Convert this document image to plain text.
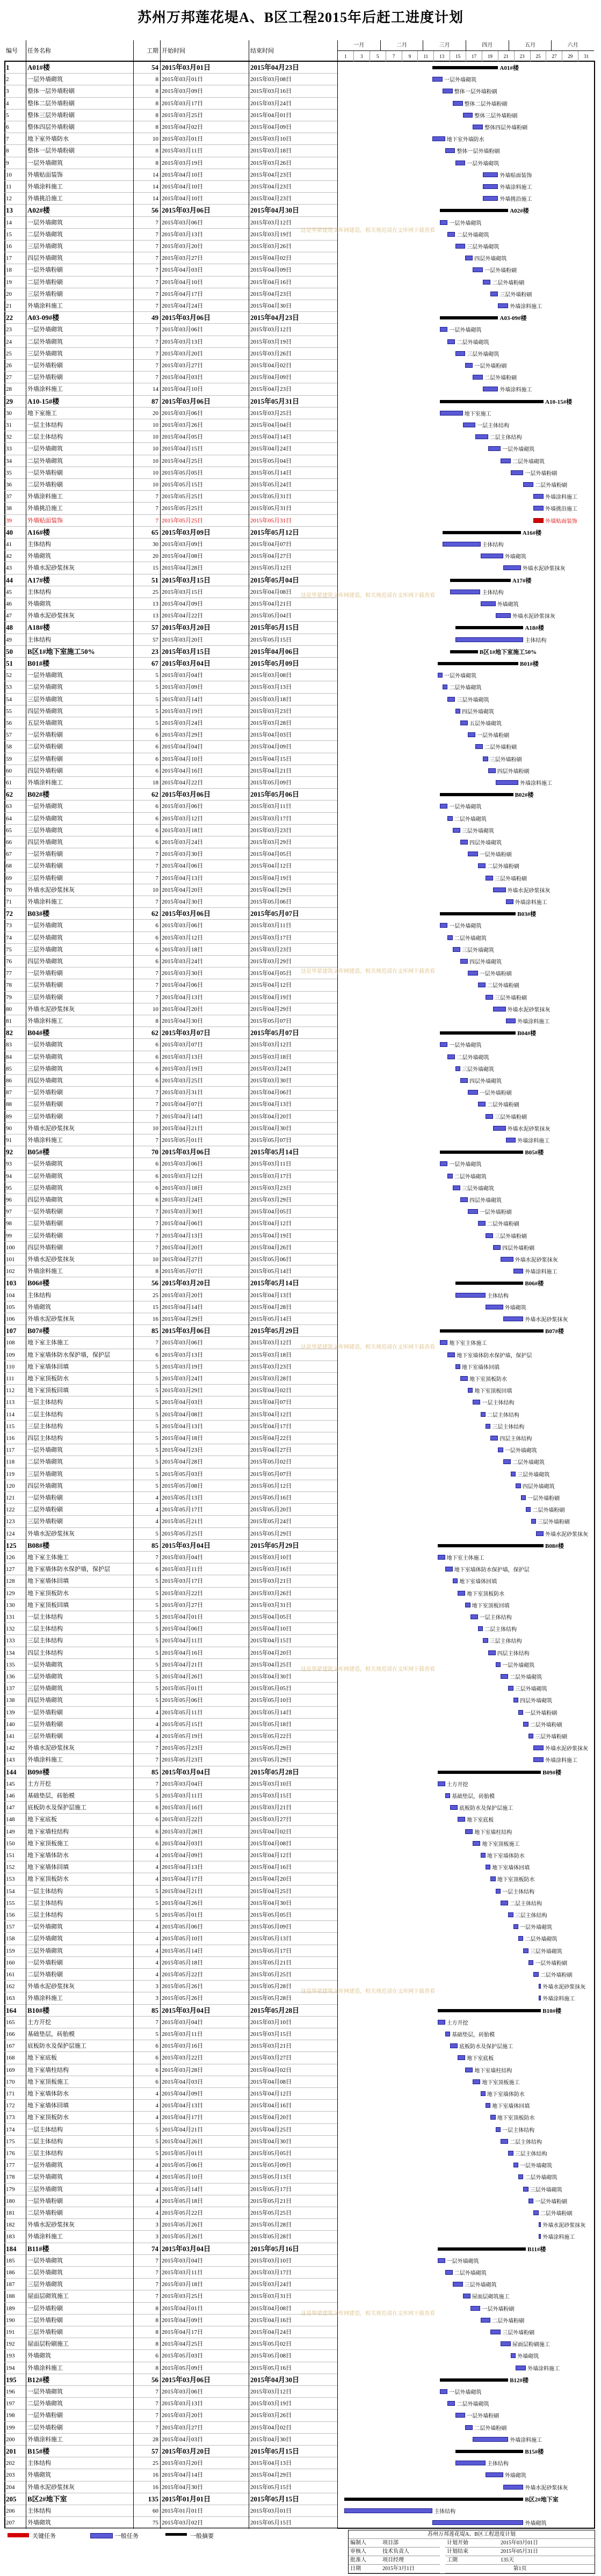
苏州万邦莲花堤A、B区工程2015年后赶工进度计划
编号	任务名称	工期 开始时间	结束时间
一月	二月	三月	四月	五月	六月
1	3	5	7	9	11	13	15	17	19	21	23	25	27	29	31
1	A01#楼	54 2015年03月01日	2015年04月23日
2	一层外墙砌筑	8 2015年03月01日	2015年03月08日
3	整体一层外墙粉刷	8 2015年03月09日	2015年03月16日
4	整体二层外墙粉刷	8 2015年03月17日	2015年03月24日
5	整体三层外墙粉刷	8 2015年03月25日	2015年04月01日
6	整体四层外墙粉刷	8 2015年04月02日	2015年04月09日
7	地下室外墙防水	10 2015年03月01日	2015年03月10日
8	整体一层外墙粉刷	8 2015年03月11日	2015年03月18日
9	一层外墙砌筑	8 2015年03月19日	2015年03月26日
10	外墙贴面装饰	14 2015年04月10日	2015年04月23日
11	外墙涂料施工	14 2015年04月10日	2015年04月23日
12	外墙挑沿施工	14 2015年04月10日	2015年04月23日
13	A02#楼	56 2015年03月06日	2015年04月30日
14	一层外墙砌筑	7 2015年03月06日	2015年03月12日
15	二层外墙砌筑	7 2015年03月13日	2015年03月19日
16	三层外墙砌筑	7 2015年03月20日	2015年03月26日
17	四层外墙砌筑	7 2015年03月27日	2015年04月02日
18	一层外墙粉刷	7 2015年04月03日	2015年04月09日
19	二层外墙粉刷	7 2015年04月10日	2015年04月16日
20	三层外墙粉刷	7 2015年04月17日	2015年04月23日
21	外墙涂料施工	7 2015年04月24日	2015年04月30日
22	A03-09#楼	49 2015年03月06日	2015年04月23日
23	一层外墙砌筑	7 2015年03月06日	2015年03月12日
24	二层外墙砌筑	7 2015年03月13日	2015年03月19日
25	三层外墙砌筑	7 2015年03月20日	2015年03月26日
26	一层外墙粉刷	7 2015年03月27日	2015年04月02日
27	二层外墙粉刷	7 2015年04月03日	2015年04月09日
28	外墙涂料施工	14 2015年04月10日	2015年04月23日
29	A10-15#楼	87 2015年03月06日	2015年05月31日
30	地下室施工	20 2015年03月06日	2015年03月25日
31	一层主体结构	10 2015年03月26日	2015年04月04日
32	二层主体结构	10 2015年04月05日	2015年04月14日
33	一层外墙砌筑	10 2015年04月15日	2015年04月24日
34	二层外墙砌筑	10 2015年04月25日	2015年05月04日
35	一层外墙粉刷	10 2015年05月05日	2015年05月14日
36	二层外墙粉刷	10 2015年05月15日	2015年05月24日
37	外墙涂料施工	7 2015年05月25日	2015年05月31日
38	外墙挑沿施工	7 2015年05月25日	2015年05月31日
39	外墙贴面装饰	7 2015年05月25日	2015年05月31日
40	A16#楼	65 2015年03月09日	2015年05月12日
41	主体结构	30 2015年03月09日	2015年04月07日
42	外墙砌筑	20 2015年04月08日	2015年04月27日
43	外墙水泥砂浆抹灰	15 2015年04月28日	2015年05月12日
44	A17#楼	51 2015年03月15日	2015年05月04日
45	主体结构	25 2015年03月15日	2015年04月08日
46	外墙砌筑	13 2015年04月09日	2015年04月21日
47	外墙水泥砂浆抹灰	13 2015年04月22日	2015年05月04日
48	A18#楼	57 2015年03月20日	2015年05月15日
49	主体结构	57 2015年03月20日	2015年05月15日
50	B区1#地下室施工50%	23 2015年03月15日	2015年04月06日
51	B01#楼	67 2015年03月04日	2015年05月09日
52	一层外墙砌筑	5 2015年03月04日	2015年03月08日
53	二层外墙砌筑	5 2015年03月09日	2015年03月13日
54	三层外墙砌筑	5 2015年03月14日	2015年03月18日
55	四层外墙砌筑	5 2015年03月19日	2015年03月23日
56	五层外墙砌筑	5 2015年03月24日	2015年03月28日
57	一层外墙粉刷	6 2015年03月29日	2015年04月03日
58	二层外墙粉刷	6 2015年04月04日	2015年04月09日
59	三层外墙粉刷	6 2015年04月10日	2015年04月15日
60	四层外墙粉刷	6 2015年04月16日	2015年04月21日
61	外墙涂料施工	18 2015年04月22日	2015年05月09日
62	B02#楼	62 2015年03月06日	2015年05月06日
63	一层外墙砌筑	6 2015年03月06日	2015年03月11日
64	二层外墙砌筑	6 2015年03月12日	2015年03月17日
65	三层外墙砌筑	6 2015年03月18日	2015年03月23日
66	四层外墙砌筑	6 2015年03月24日	2015年03月29日
67	一层外墙粉刷	7 2015年03月30日	2015年04月05日
68	二层外墙粉刷	7 2015年04月06日	2015年04月12日
69	三层外墙粉刷	7 2015年04月13日	2015年04月19日
70	外墙水泥砂浆抹灰	10 2015年04月20日	2015年04月29日
71	外墙涂料施工	7 2015年04月30日	2015年05月06日
72	B03#楼	62 2015年03月06日	2015年05月07日
73	一层外墙砌筑	6 2015年03月06日	2015年03月11日
74	二层外墙砌筑	6 2015年03月12日	2015年03月17日
75	三层外墙砌筑	6 2015年03月18日	2015年03月23日
76	四层外墙砌筑	6 2015年03月24日	2015年03月29日
77	一层外墙粉刷	7 2015年03月30日	2015年04月05日
78	二层外墙粉刷	7 2015年04月06日	2015年04月12日
79	三层外墙粉刷	7 2015年04月13日	2015年04月19日
80	外墙水泥砂浆抹灰	10 2015年04月20日	2015年04月29日
81	外墙涂料施工	8 2015年04月30日	2015年05月07日
82	B04#楼	62 2015年03月07日	2015年05月07日
83	一层外墙砌筑	6 2015年03月07日	2015年03月12日
84	二层外墙砌筑	6 2015年03月13日	2015年03月18日
85	三层外墙砌筑	6 2015年03月19日	2015年03月24日
86	四层外墙砌筑	6 2015年03月25日	2015年03月30日
87	一层外墙粉刷	7 2015年03月31日	2015年04月06日
88	二层外墙粉刷	7 2015年04月07日	2015年04月13日
89	三层外墙粉刷	7 2015年04月14日	2015年04月20日
90	外墙水泥砂浆抹灰	10 2015年04月21日	2015年04月30日
91	外墙涂料施工	7 2015年05月01日	2015年05月07日
92	B05#楼	70 2015年03月06日	2015年05月14日
93	一层外墙砌筑	6 2015年03月06日	2015年03月11日
94	二层外墙砌筑	6 2015年03月12日	2015年03月17日
95	三层外墙砌筑	6 2015年03月18日	2015年03月23日
96	四层外墙砌筑	6 2015年03月24日	2015年03月29日
97	一层外墙粉刷	7 2015年03月30日	2015年04月05日
98	二层外墙粉刷	7 2015年04月06日	2015年04月12日
99	三层外墙粉刷	7 2015年04月13日	2015年04月19日
100	四层外墙粉刷	7 2015年04月20日	2015年04月26日
101	外墙水泥砂浆抹灰	10 2015年04月27日	2015年05月06日
102	外墙涂料施工	8 2015年05月07日	2015年05月14日
103	B06#楼	56 2015年03月20日	2015年05月14日
104	主体结构	25 2015年03月20日	2015年04月13日
105	外墙砌筑	15 2015年04月14日	2015年04月28日
106	外墙水泥砂浆抹灰	16 2015年04月29日	2015年05月14日
107	B07#楼	85 2015年03月06日	2015年05月29日
108	地下室主体施工	7 2015年03月06日	2015年03月12日
109	地下室墙体防水保护墙，保护层	6 2015年03月13日	2015年03月18日
110	地下室墙体回填	5 2015年03月19日	2015年03月23日
111	地下室顶板防水	5 2015年03月24日	2015年03月28日
112	地下室顶板回填	5 2015年03月29日	2015年04月02日
113	一层主体结构	5 2015年04月03日	2015年04月07日
114	二层主体结构	5 2015年04月08日	2015年04月12日
115	三层主体结构	5 2015年04月13日	2015年04月17日
116	四层主体结构	5 2015年04月18日	2015年04月22日
117	一层外墙砌筑	5 2015年04月23日	2015年04月27日
118	二层外墙砌筑	5 2015年04月28日	2015年05月02日
119	三层外墙砌筑	5 2015年05月03日	2015年05月07日
120	四层外墙砌筑	5 2015年05月08日	2015年05月12日
121	一层外墙粉刷	4 2015年05月13日	2015年05月16日
122	二层外墙粉刷	4 2015年05月17日	2015年05月20日
123	三层外墙粉刷	4 2015年05月21日	2015年05月24日
124	外墙水泥砂浆抹灰	5 2015年05月25日	2015年05月29日
125	B08#楼	85 2015年03月04日	2015年05月29日
126	地下室主体施工	7 2015年03月04日	2015年03月10日
127	地下室墙体防水保护墙，保护层	6 2015年03月11日	2015年03月16日
128	地下室墙体回填	5 2015年03月17日	2015年03月21日
129	地下室顶板防水	5 2015年03月22日	2015年03月26日
130	地下室顶板回填	5 2015年03月27日	2015年03月31日
131	一层主体结构	5 2015年04月01日	2015年04月05日
132	二层主体结构	5 2015年04月06日	2015年04月10日
133	三层主体结构	5 2015年04月11日	2015年04月15日
134	四层主体结构	5 2015年04月16日	2015年04月20日
135	一层外墙砌筑	5 2015年04月21日	2015年04月25日
136	二层外墙砌筑	5 2015年04月26日	2015年04月30日
137	三层外墙砌筑	5 2015年05月01日	2015年05月05日
138	四层外墙砌筑	5 2015年05月06日	2015年05月10日
139	一层外墙粉刷	4 2015年05月11日	2015年05月14日
140	二层外墙粉刷	4 2015年05月15日	2015年05月18日
141	三层外墙粉刷	4 2015年05月19日	2015年05月22日
142	外墙水泥砂浆抹灰	7 2015年05月23日	2015年05月29日
143	外墙涂料施工	7 2015年05月23日	2015年05月29日
144	B09#楼	85 2015年03月04日	2015年05月28日
145	土方开挖	7 2015年03月04日	2015年03月10日
146	基础垫层，砖胎模	5 2015年03月11日	2015年03月15日
147	底板防水及保护层施工	6 2015年03月16日	2015年03月21日
148	地下室底板	6 2015年03月22日	2015年03月27日
149	地下室墙柱结构	6 2015年03月28日	2015年04月02日
150	地下室顶板施工	6 2015年04月03日	2015年04月08日
151	地下室墙体防水	4 2015年04月09日	2015年04月12日
152	地下室墙体回填	4 2015年04月13日	2015年04月16日
153	地下室顶板防水	4 2015年04月17日	2015年04月20日
154	一层主体结构	5 2015年04月21日	2015年04月25日
155	二层主体结构	5 2015年04月26日	2015年04月30日
156	三层主体结构	5 2015年05月01日	2015年05月05日
157	一层外墙砌筑	4 2015年05月06日	2015年05月09日
158	二层外墙砌筑	4 2015年05月10日	2015年05月13日
159	三层外墙砌筑	4 2015年05月14日	2015年05月17日
160	一层外墙粉刷	4 2015年05月18日	2015年05月21日
161	二层外墙粉刷	4 2015年05月22日	2015年05月25日
162	外墙水泥砂浆抹灰	3 2015年05月26日	2015年05月28日
163	外墙涂料施工	3 2015年05月26日	2015年05月28日
164	B10#楼	85 2015年03月04日	2015年05月28日
165	土方开挖	7 2015年03月04日	2015年03月10日
166	基础垫层，砖胎模	5 2015年03月11日	2015年03月15日
167	底板防水及保护层施工	6 2015年03月16日	2015年03月21日
168	地下室底板	6 2015年03月22日	2015年03月27日
169	地下室墙柱结构	6 2015年03月28日	2015年04月02日
170	地下室顶板施工	6 2015年04月03日	2015年04月08日
171	地下室墙体防水	4 2015年04月09日	2015年04月12日
172	地下室墙体回填	4 2015年04月13日	2015年04月16日
173	地下室顶板防水	4 2015年04月17日	2015年04月20日
174	一层主体结构	5 2015年04月21日	2015年04月25日
175	二层主体结构	5 2015年04月26日	2015年04月30日
176	三层主体结构	5 2015年05月01日	2015年05月05日
177	一层外墙砌筑	4 2015年05月06日	2015年05月09日
178	二层外墙砌筑	4 2015年05月10日	2015年05月13日
179	三层外墙砌筑	4 2015年05月14日	2015年05月17日
180	一层外墙粉刷	4 2015年05月18日	2015年05月21日
181	二层外墙粉刷	4 2015年05月22日	2015年05月25日
182	外墙水泥砂浆抹灰	3 2015年05月26日	2015年05月28日
183	外墙涂料施工	3 2015年05月26日	2015年05月28日
184	B11#楼	74 2015年03月04日	2015年05月16日
185	一层外墙砌筑	7 2015年03月04日	2015年03月10日
186	二层外墙砌筑	7 2015年03月11日	2015年03月17日
187	三层外墙砌筑	7 2015年03月18日	2015年03月24日
188	屋面层砌筑施工	7 2015年03月25日	2015年03月31日
189	一层外墙粉刷	8 2015年04月01日	2015年04月08日
190	二层外墙粉刷	8 2015年04月09日	2015年04月16日
191	三层外墙粉刷	8 2015年04月17日	2015年04月24日
192	屋面层粉刷施工	8 2015年04月25日	2015年05月02日
193	外墙砌筑	6 2015年05月03日	2015年05月08日
194	外墙涂料施工	8 2015年05月09日	2015年05月16日
195	B12#楼	56 2015年03月06日	2015年04月30日
196	一层外墙砌筑	7 2015年03月06日	2015年03月12日
197	二层外墙砌筑	7 2015年03月13日	2015年03月19日
198	一层外墙粉刷	7 2015年03月20日	2015年03月26日
199	二层外墙粉刷	7 2015年03月27日	2015年04月02日
200	外墙涂料施工	28 2015年04月03日	2015年04月30日
201	B15#楼	57 2015年03月20日	2015年05月15日
202	主体结构	25 2015年03月20日	2015年04月13日
203	外墙砌筑	16 2015年04月14日	2015年04月29日
204	外墙水泥砂浆抹灰	16 2015年04月30日	2015年05月15日
205	B区2#地下室	135 2015年01月01日	2015年05月15日
206	主体结构	60 2015年01月01日	2015年03月01日
207	外墙砌筑	75 2015年03月02日	2015年05月15日
A01#楼
一层外墙砌筑
整体一层外墙粉刷
整体二层外墙粉刷
整体三层外墙粉刷
整体四层外墙粉刷
地下室外墙防水
整体一层外墙粉刷
一层外墙砌筑
外墙贴面装饰
外墙涂料施工
外墙挑沿施工
A02#楼
一层外墙砌筑
二层外墙砌筑
三层外墙砌筑
四层外墙砌筑
一层外墙粉刷
二层外墙粉刷
三层外墙粉刷
外墙涂料施工
A03-09#楼
一层外墙砌筑
二层外墙砌筑
三层外墙砌筑
一层外墙粉刷
二层外墙粉刷
外墙涂料施工
A10-15#楼
地下室施工
一层主体结构
二层主体结构
一层外墙砌筑
二层外墙砌筑
一层外墙粉刷
二层外墙粉刷
外墙涂料施工
外墙挑沿施工
外墙贴面装饰
A16#楼
主体结构
外墙砌筑
外墙水泥砂浆抹灰
A17#楼
主体结构
外墙砌筑
外墙水泥砂浆抹灰
A18#楼
主体结构
B区1#地下室施工50%
B01#楼
一层外墙砌筑
二层外墙砌筑
三层外墙砌筑
四层外墙砌筑
五层外墙砌筑
一层外墙粉刷
二层外墙粉刷
三层外墙粉刷
四层外墙粉刷
外墙涂料施工
B02#楼
一层外墙砌筑
二层外墙砌筑
三层外墙砌筑
四层外墙砌筑
一层外墙粉刷
二层外墙粉刷
三层外墙粉刷
外墙水泥砂浆抹灰
外墙涂料施工
B03#楼
一层外墙砌筑
二层外墙砌筑
三层外墙砌筑
四层外墙砌筑
一层外墙粉刷
二层外墙粉刷
三层外墙粉刷
外墙水泥砂浆抹灰
外墙涂料施工
B04#楼
一层外墙砌筑
二层外墙砌筑
三层外墙砌筑
四层外墙砌筑
一层外墙粉刷
二层外墙粉刷
三层外墙粉刷
外墙水泥砂浆抹灰
外墙涂料施工
B05#楼
一层外墙砌筑
二层外墙砌筑
三层外墙砌筑
四层外墙砌筑
一层外墙粉刷
二层外墙粉刷
三层外墙粉刷
四层外墙粉刷
外墙水泥砂浆抹灰
外墙涂料施工
B06#楼
主体结构
外墙砌筑
外墙水泥砂浆抹灰
B07#楼
地下室主体施工
地下室墙体防水保护墙，保护层
地下室墙体回填
地下室顶板防水
地下室顶板回填
一层主体结构
二层主体结构
三层主体结构
四层主体结构
一层外墙砌筑
二层外墙砌筑
三层外墙砌筑
四层外墙砌筑
一层外墙粉刷
二层外墙粉刷
三层外墙粉刷
外墙水泥砂浆抹灰
B08#楼
地下室主体施工
地下室墙体防水保护墙，保护层
地下室墙体回填
地下室顶板防水
地下室顶板回填
一层主体结构
二层主体结构
三层主体结构
四层主体结构
一层外墙砌筑
二层外墙砌筑
三层外墙砌筑
四层外墙砌筑
一层外墙粉刷
二层外墙粉刷
三层外墙粉刷
外墙水泥砂浆抹灰
外墙涂料施工
B09#楼
土方开挖
基础垫层，砖胎模
底板防水及保护层施工
地下室底板
地下室墙柱结构
地下室顶板施工
地下室墙体防水
地下室墙体回填
地下室顶板防水
一层主体结构
二层主体结构
三层主体结构
一层外墙砌筑
二层外墙砌筑
三层外墙砌筑
一层外墙粉刷
二层外墙粉刷
外墙水泥砂浆抹灰
外墙涂料施工
B10#楼
土方开挖
基础垫层，砖胎模
底板防水及保护层施工
地下室底板
地下室墙柱结构
地下室顶板施工
地下室墙体防水
地下室墙体回填
地下室顶板防水
一层主体结构
二层主体结构
三层主体结构
一层外墙砌筑
二层外墙砌筑
三层外墙砌筑
一层外墙粉刷
二层外墙粉刷
外墙水泥砂浆抹灰
外墙涂料施工
B11#楼
一层外墙砌筑
二层外墙砌筑
三层外墙砌筑
屋面层砌筑施工
一层外墙粉刷
二层外墙粉刷
三层外墙粉刷
屋面层粉刷施工
外墙砌筑
外墙涂料施工
B12#楼
一层外墙砌筑
二层外墙砌筑
一层外墙粉刷
二层外墙粉刷
外墙涂料施工
B15#楼
主体结构
外墙砌筑
外墙水泥砂浆抹灰
B区2#地下室
主体结构
外墙砌筑
关键任务	一般任务	一般摘要	苏州万邦莲花堤A、B区工程进度计划
编制人	项目部
审核人	技术负责人
批准人	项目经理
日期	2015年3月1日
计划开始	2015年03月01日
计划结束	2015年05月31日
工期	135天
第1页
这是华蒙建筑文库网建造，相关规范请在文库网下载查看
这是华蒙建筑文库网建造，相关规范请在文库网下载查看
这是华蒙建筑文库网建造，相关规范请在文库网下载查看
这是华蒙建筑文库网建造，相关规范请在文库网下载查看
这是华蒙建筑文库网建造，相关规范请在文库网下载查看
这是华蒙建筑文库网建造，相关规范请在文库网下载查看
这是华蒙建筑文库网建造，相关规范请在文库网下载查看
